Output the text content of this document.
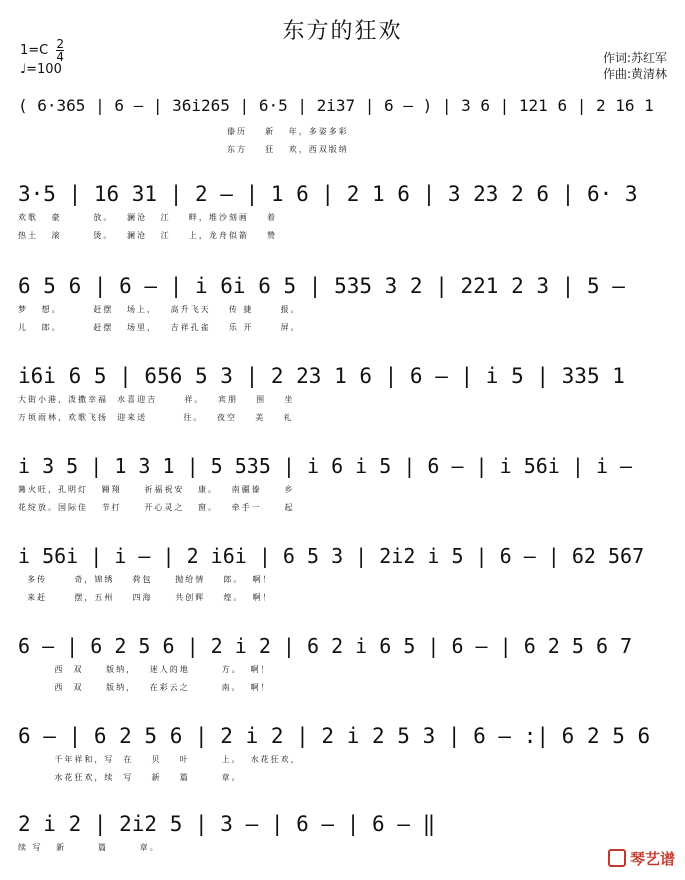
东方的狂欢
$1=C \frac{2}{4}$
♩=100
作词:苏红军
作曲:黄清林
( 6·365 | 6 – | 36i265 | 6·5 | 2i37 | 6 – ) | 3 6 | 121 6 | 2 16 1
傣历    新   年，多姿多彩
东方    狂   欢，西双版纳
3·5 | 16 31 | 2 – | 1 6 | 2 1 6 | 3 23 2 6 | 6· 3
欢歌   豪       放。   澜沧   江    畔，堆沙刻画    着
热土   滚       烫。   澜沧   江    上，龙舟似箭    赞
6 5 6 | 6 – | i 6i 6 5 | 535 3 2 | 221 2 3 | 5 –
梦   想。       赶摆   场上，   高升飞天    传 捷      报。
儿   郎。       赶摆   场里，   吉祥孔雀    乐 开      屏。
i6i 6 5 | 656 5 3 | 2 23 1 6 | 6 – | i 5 | 335 1
大街小港，泼撒幸福  水喜迎吉      祥。   宾朋    围    坐
万顷雨林，欢歌飞扬  迎来送        往。   夜空    美    礼
i 3 5 | 1 3 1 | 5 535 | i 6 i 5 | 6 – | i 56i | i –
篝火旺，孔明灯   翱翔     祈福祝安   康。   南疆傣     乡
花绽放。国际佳   节打     开心灵之   窗。   牵手一     起
i 56i | i – | 2 i6i | 6 5 3 | 2i2 i 5 | 6 – | 62 567
多传      奇，锦绣    荷包     抛给情    郎。  啊！
来赶      摆，五州    四海     共创辉    煌。  啊！
6 – | 6 2 5 6 | 2 i 2 | 6 2 i 6 5 | 6 – | 6 2 5 6 7
西  双     版纳，   迷人的地       方。  啊！
西  双     版纳，   在彩云之       南。  啊！
6 – | 6 2 5 6 | 2 i 2 | 2 i 2 5 3 | 6 – :| 6 2 5 6
千年祥和，写  在    贝    叶       上。  水花狂欢，
水花狂欢，续  写    新    篇       章。
2 i 2 | 2i2 5 | 3 – | 6 – | 6 – ‖
续 写   新       篇       章。
琴艺谱
